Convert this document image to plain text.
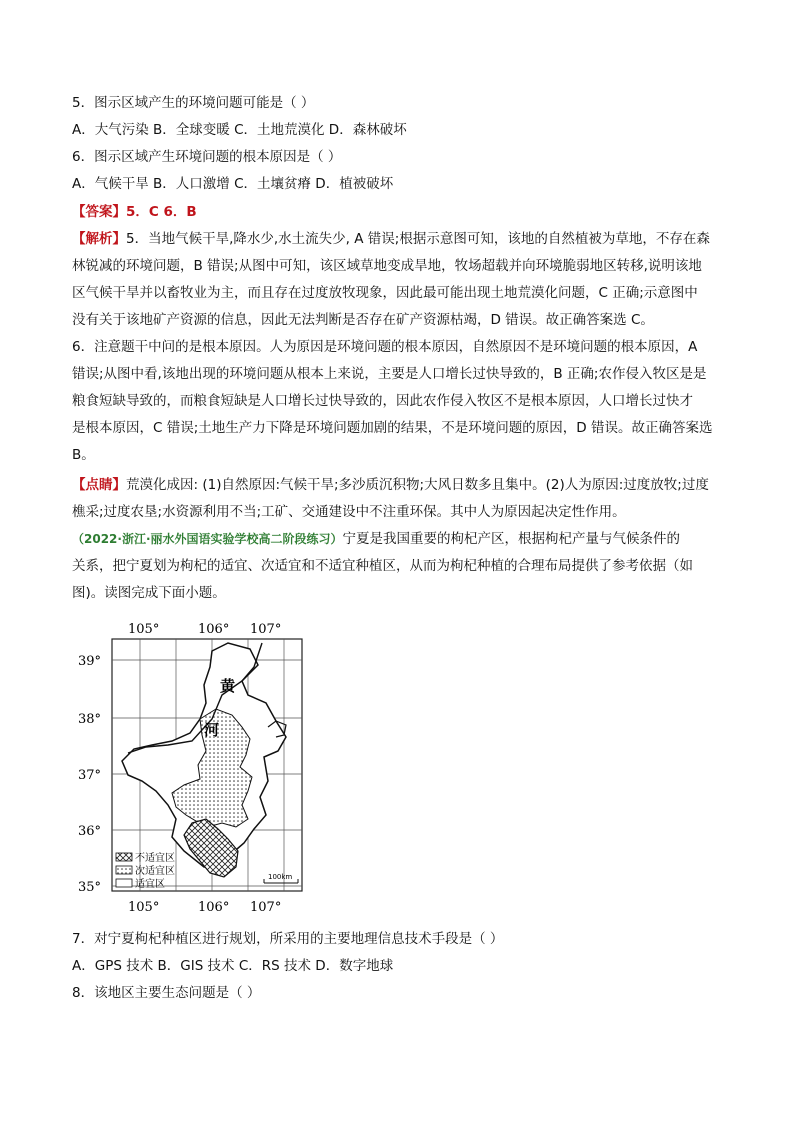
5．图示区域产生的环境问题可能是（ ）
A．大气污染 B．全球变暖 C．土地荒漠化 D．森林破坏
6．图示区域产生环境问题的根本原因是（ ）
A．气候干旱 B．人口激增 C．土壤贫瘠 D．植被破坏
【答案】5．C 6．B
【解析】5．当地气候干旱,降水少,水土流失少, A 错误;根据示意图可知，该地的自然植被为草地，不存在森
林锐减的环境问题，B 错误;从图中可知，该区域草地变成旱地，牧场超载并向环境脆弱地区转移,说明该地
区气候干旱并以畜牧业为主，而且存在过度放牧现象，因此最可能出现土地荒漠化问题，C 正确;示意图中
没有关于该地矿产资源的信息，因此无法判断是否存在矿产资源枯竭，D 错误。故正确答案选 C。
6．注意题干中问的是根本原因。人为原因是环境问题的根本原因，自然原因不是环境问题的根本原因，A
错误;从图中看,该地出现的环境问题从根本上来说，主要是人口增长过快导致的，B 正确;农作侵入牧区是是
粮食短缺导致的，而粮食短缺是人口增长过快导致的，因此农作侵入牧区不是根本原因，人口增长过快才
是根本原因，C 错误;土地生产力下降是环境问题加剧的结果，不是环境问题的原因，D 错误。故正确答案选
B。
【点睛】荒漠化成因: (1)自然原因:气候干旱;多沙质沉积物;大风日数多且集中。(2)人为原因:过度放牧;过度
樵采;过度农垦;水资源利用不当;工矿、交通建设中不注重环保。其中人为原因起决定性作用。
（2022·浙江·丽水外国语实验学校高二阶段练习）宁夏是我国重要的枸杞产区，根据枸杞产量与气候条件的
关系，把宁夏划为枸杞的适宜、次适宜和不适宜种植区，从而为枸杞种植的合理布局提供了参考依据（如
图)。读图完成下面小题。
105°	106° 107°
39°
38°
37°
36°
35°
黄
河
不适宜区
次适宜区
适宜区
100km
105°	106° 107°
7．对宁夏枸杞种植区进行规划，所采用的主要地理信息技术手段是（ ）
A．GPS 技术 B．GIS 技术 C．RS 技术 D．数字地球
8．该地区主要生态问题是（ ）
